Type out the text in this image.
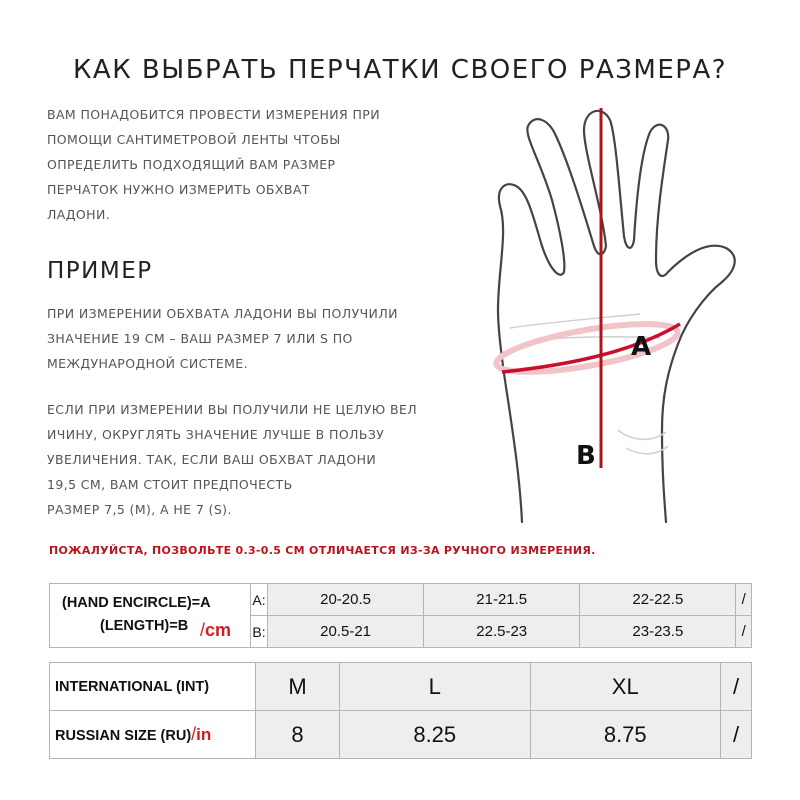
КАК ВЫБРАТЬ ПЕРЧАТКИ СВОЕГО РАЗМЕРА?
ВАМ ПОНАДОБИТСЯ ПРОВЕСТИ ИЗМЕРЕНИЯ ПРИ
ПОМОЩИ САНТИМЕТРОВОЙ ЛЕНТЫ ЧТОБЫ
ОПРЕДЕЛИТЬ ПОДХОДЯЩИЙ ВАМ РАЗМЕР
ПЕРЧАТОК НУЖНО ИЗМЕРИТЬ ОБХВАТ
ЛАДОНИ.
ПРИМЕР
ПРИ ИЗМЕРЕНИИ ОБХВАТА ЛАДОНИ ВЫ ПОЛУЧИЛИ
ЗНАЧЕНИЕ 19 СМ – ВАШ РАЗМЕР 7 ИЛИ S ПО
МЕЖДУНАРОДНОЙ СИСТЕМЕ.
ЕСЛИ ПРИ ИЗМЕРЕНИИ ВЫ ПОЛУЧИЛИ НЕ ЦЕЛУЮ ВЕЛ
ИЧИНУ, ОКРУГЛЯТЬ ЗНАЧЕНИЕ ЛУЧШЕ В ПОЛЬЗУ
УВЕЛИЧЕНИЯ. ТАК, ЕСЛИ ВАШ ОБХВАТ ЛАДОНИ
19,5 СМ, ВАМ СТОИТ ПРЕДПОЧЕСТЬ
РАЗМЕР 7,5 (M), А НЕ 7 (S).
A
B
ПОЖАЛУЙСТА, ПОЗВОЛЬТЕ 0.3-0.5 СМ ОТЛИЧАЕТСЯ ИЗ-ЗА РУЧНОГО ИЗМЕРЕНИЯ.
(HAND ENCIRCLE)=A
(LENGTH)=B /cm	A:	20-20.5	21-21.5	22-22.5	/
	B:	20.5-21	22.5-23	23-23.5	/
INTERNATIONAL (INT)	M	L	XL	/
RUSSIAN SIZE (RU)/in	8	8.25	8.75	/
